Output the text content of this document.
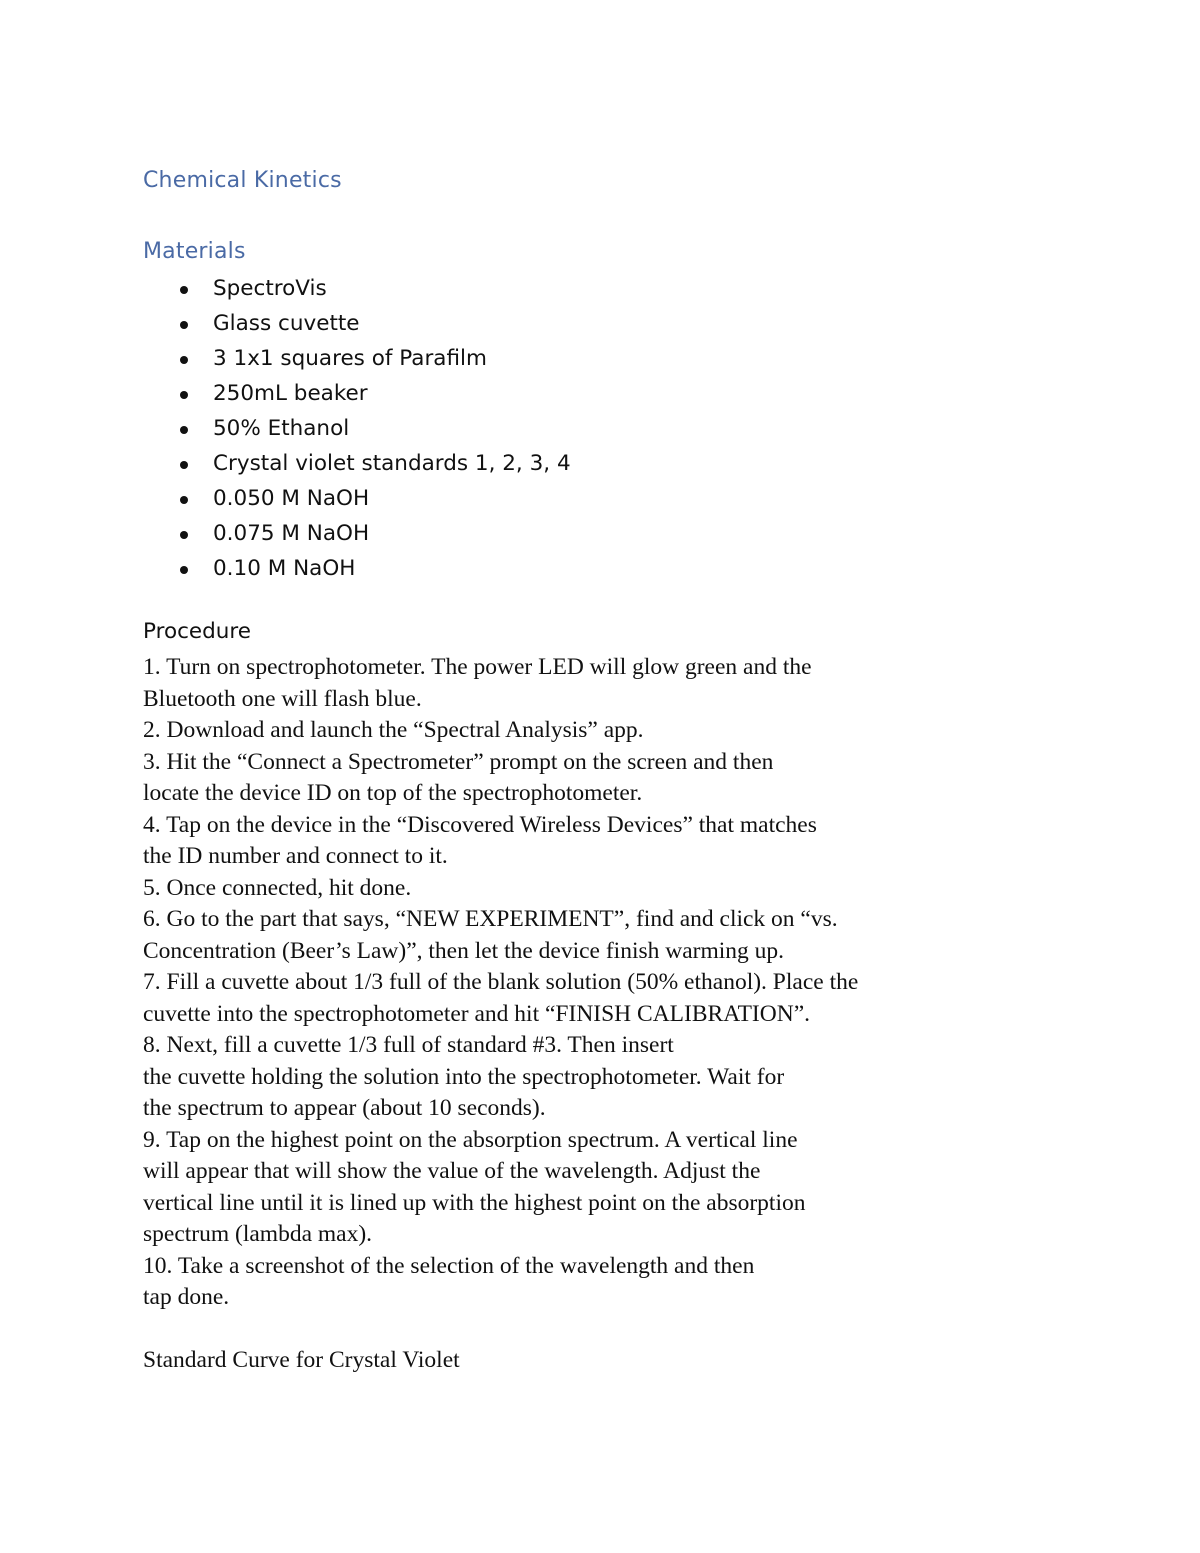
Chemical Kinetics
Materials
SpectroVis
Glass cuvette
3 1x1 squares of Parafilm
250mL beaker
50% Ethanol
Crystal violet standards 1, 2, 3, 4
0.050 M NaOH
0.075 M NaOH
0.10 M NaOH
Procedure
1. Turn on spectrophotometer. The power LED will glow green and the
Bluetooth one will flash blue.
2. Download and launch the “Spectral Analysis” app.
3. Hit the “Connect a Spectrometer” prompt on the screen and then
locate the device ID on top of the spectrophotometer.
4. Tap on the device in the “Discovered Wireless Devices” that matches
the ID number and connect to it.
5. Once connected, hit done.
6. Go to the part that says, “NEW EXPERIMENT”, find and click on “vs.
Concentration (Beer’s Law)”, then let the device finish warming up.
7. Fill a cuvette about 1/3 full of the blank solution (50% ethanol). Place the
cuvette into the spectrophotometer and hit “FINISH CALIBRATION”.
8. Next, fill a cuvette 1/3 full of standard #3. Then insert
the cuvette holding the solution into the spectrophotometer. Wait for
the spectrum to appear (about 10 seconds).
9. Tap on the highest point on the absorption spectrum. A vertical line
will appear that will show the value of the wavelength. Adjust the
vertical line until it is lined up with the highest point on the absorption
spectrum (lambda max).
10. Take a screenshot of the selection of the wavelength and then
tap done.
Standard Curve for Crystal Violet
